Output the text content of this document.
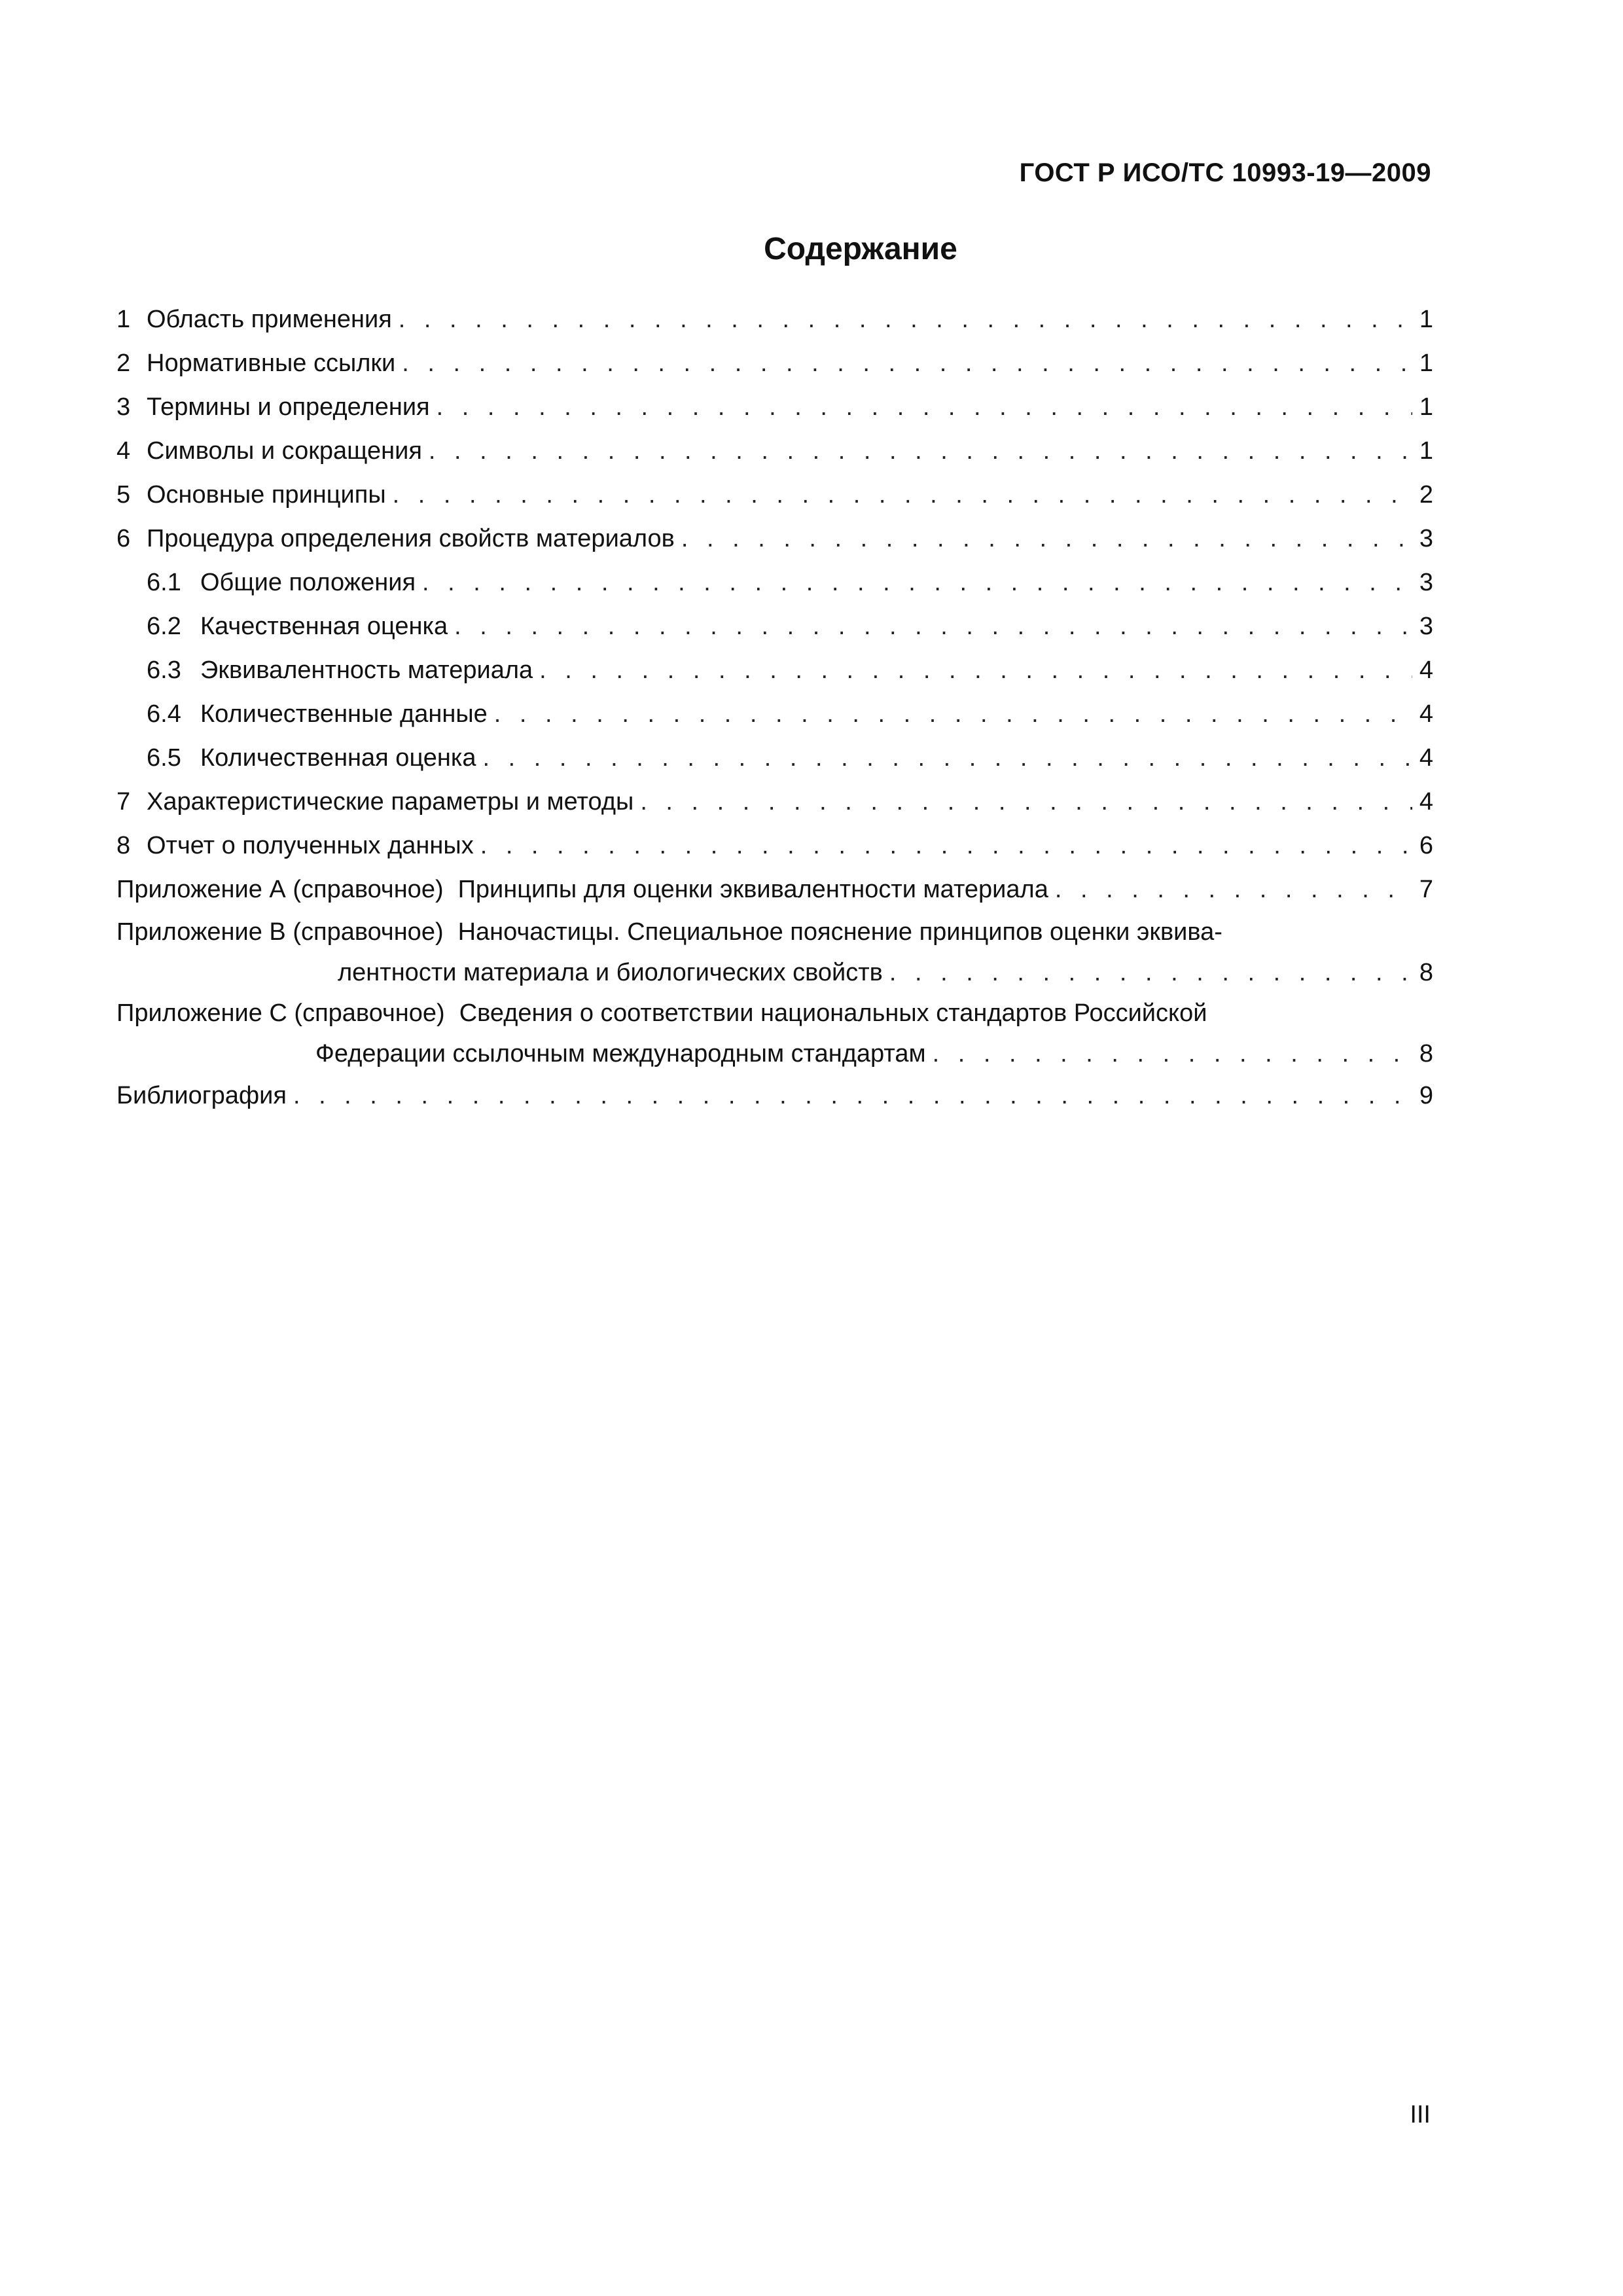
ГОСТ Р ИСО/ТС 10993-19—2009
Содержание
1 Область применения . . .	1
2 Нормативные ссылки . . .	1
3 Термины и определения . . .	1
4 Символы и сокращения . . .	1
5 Основные принципы . . .	2
6 Процедура определения свойств материалов . . .	3
6.1 Общие положения . . .	3
6.2 Качественная оценка . . .	3
6.3 Эквивалентность материала . . .	4
6.4 Количественные данные . . .	4
6.5 Количественная оценка . . .	4
7 Характеристические параметры и методы . . .	4
8 Отчет о полученных данных . . .	6
Приложение А (справочное) Принципы для оценки эквивалентности материала . . .	7
Приложение В (справочное) Наночастицы. Специальное пояснение принципов оценки эквива-
лентности материала и биологических свойств . . .	8
Приложение С (справочное) Сведения о соответствии национальных стандартов Российской
Федерации ссылочным международным стандартам . . .	8
Библиография . . .	9
III
